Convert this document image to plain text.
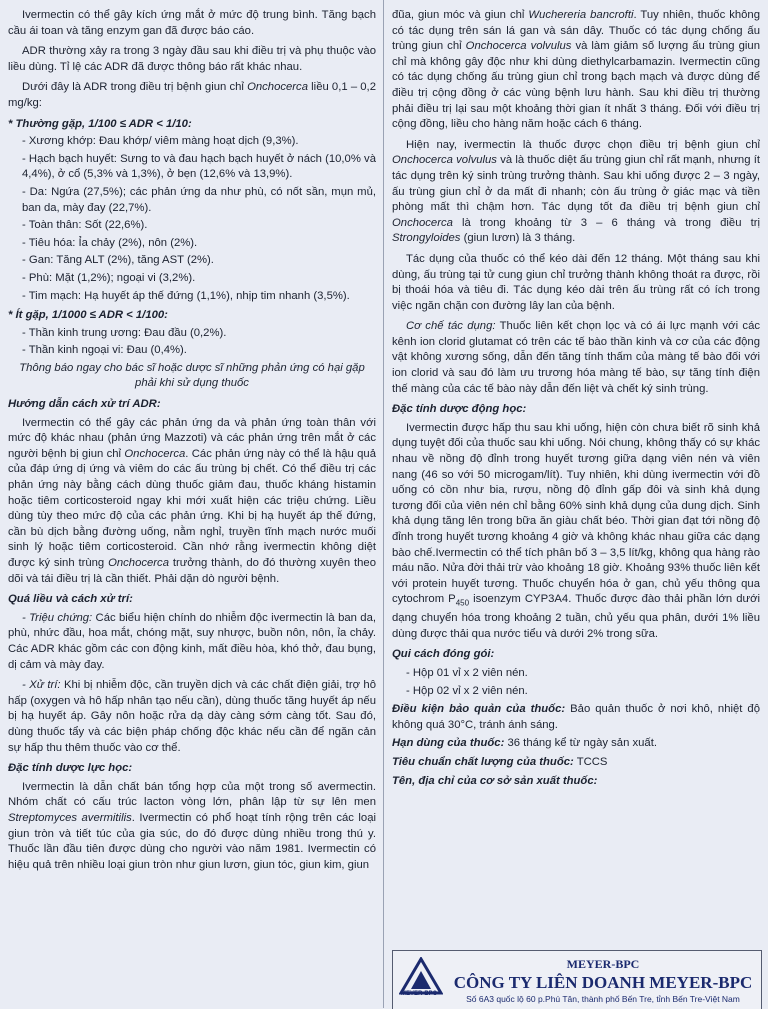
Ivermectin có thể gây kích ứng mắt ở mức độ trung bình. Tăng bạch cầu ái toan và tăng enzym gan đã được báo cáo.

ADR thường xảy ra trong 3 ngày đầu sau khi điều trị và phụ thuộc vào liều dùng. Tỉ lệ các ADR đã được thông báo rất khác nhau.

Dưới đây là ADR trong điều trị bệnh giun chỉ Onchocerca liều 0,1 – 0,2 mg/kg:

* Thường gặp, 1/100 ≤ ADR < 1/10:

- Xương khớp: Đau khớp/ viêm màng hoạt dịch (9,3%).

- Hạch bạch huyết: Sưng to và đau hạch bạch huyết ở nách (10,0% và 4,4%), ở cổ (5,3% và 1,3%), ở bẹn (12,6% và 13,9%).

- Da: Ngứa (27,5%); các phản ứng da như phù, có nốt sần, mụn mủ, ban da, mày đay (22,7%).

- Toàn thân: Sốt (22,6%).

- Tiêu hóa: Ỉa chảy (2%), nôn (2%).

- Gan: Tăng ALT (2%), tăng AST (2%).

- Phù: Mặt (1,2%); ngoại vi (3,2%).

- Tim mạch: Hạ huyết áp thế đứng (1,1%), nhịp tim nhanh (3,5%).

* Ít gặp, 1/1000 ≤ ADR < 1/100:

- Thần kinh trung ương: Đau đầu (0,2%).

- Thần kinh ngoại vi: Đau (0,4%).

Thông báo ngay cho bác sĩ hoặc dược sĩ những phản ứng có hại gặp phải khi sử dụng thuốc

Hướng dẫn cách xử trí ADR:

Ivermectin có thể gây các phản ứng da và phản ứng toàn thân với mức độ khác nhau (phản ứng Mazzoti) và các phản ứng trên mắt ở các người bệnh bị giun chỉ Onchocerca. Các phản ứng này có thể là hậu quả của đáp ứng dị ứng và viêm do các ấu trùng bị chết. Có thể điều trị các phản ứng này bằng cách dùng thuốc giảm đau, thuốc kháng histamin hoặc tiêm corticosteroid ngay khi mới xuất hiện các triệu chứng. Liều dùng tùy theo mức độ của các phản ứng. Khi bị hạ huyết áp thế đứng, cần bù dịch bằng đường uống, nằm nghỉ, truyền tĩnh mạch nước muối sinh lý hoặc tiêm corticosteroid. Cần nhớ rằng ivermectin không diệt được ký sinh trùng Onchocerca trưởng thành, do đó thường xuyên theo dõi và tái điều trị là cần thiết. Phải dặn dò người bệnh.

Quá liều và cách xử trí:

- Triệu chứng: Các biểu hiện chính do nhiễm độc ivermectin là ban da, phù, nhức đầu, hoa mắt, chóng mặt, suy nhược, buồn nôn, nôn, ỉa chảy. Các ADR khác gồm các con động kinh, mất điều hòa, khó thở, đau bụng, dị cảm và mày đay.

- Xử trí: Khi bị nhiễm độc, cần truyền dịch và các chất điện giải, trợ hô hấp (oxygen và hô hấp nhân tạo nếu cần), dùng thuốc tăng huyết áp nếu bị hạ huyết áp. Gây nôn hoặc rửa dạ dày càng sớm càng tốt. Sau đó, dùng thuốc tẩy và các biện pháp chống độc khác nếu cần để ngăn cản sự hấp thu thêm thuốc vào cơ thể.

Đặc tính dược lực học:

Ivermectin là dẫn chất bán tổng hợp của một trong số avermectin. Nhóm chất có cấu trúc lacton vòng lớn, phân lập từ sự lên men Streptomyces avermitilis. Ivermectin có phổ hoạt tính rộng trên các loại giun tròn và tiết túc của gia súc, do đó được dùng nhiều trong thú y. Thuốc lần đầu tiên được dùng cho người vào năm 1981. Ivermectin có hiệu quả trên nhiều loại giun tròn như giun lươn, giun tóc, giun kim, giun

đũa, giun móc và giun chỉ Wuchereria bancrofti. Tuy nhiên, thuốc không có tác dụng trên sán lá gan và sán dây. Thuốc có tác dụng chống ấu trùng giun chỉ Onchocerca volvulus và làm giảm số lượng ấu trùng giun chỉ mà không gây độc như khi dùng diethylcarbamazin. Ivermectin cũng có tác dụng chống ấu trùng giun chỉ trong bạch mạch và được dùng để điều trị cộng đồng ở các vùng bệnh lưu hành. Sau khi điều trị thường phải điều trị lại sau một khoảng thời gian ít nhất 3 tháng. Đối với điều trị cộng đồng, liều cho hàng năm hoặc cách 6 tháng.

Hiện nay, ivermectin là thuốc được chọn điều trị bệnh giun chỉ Onchocerca volvulus và là thuốc diệt ấu trùng giun chỉ rất mạnh, nhưng ít tác dụng trên ký sinh trùng trưởng thành. Sau khi uống được 2 – 3 ngày, ấu trùng giun chỉ ở da mất đi nhanh; còn ấu trùng ở giác mạc và tiền phòng mất thì chậm hơn. Tác dụng tốt đa điều trị bệnh giun chỉ Onchocerca là trong khoảng từ 3 – 6 tháng và trong điều trị Strongyloides (giun lươn) là 3 tháng.

Tác dụng của thuốc có thể kéo dài đến 12 tháng. Một tháng sau khi dùng, ấu trùng tại tử cung giun chỉ trưởng thành không thoát ra được, rồi bị thoái hóa và tiêu đi. Tác dụng kéo dài trên ấu trùng rất có ích trong việc ngăn chặn con đường lây lan của bệnh.

Cơ chế tác dụng: Thuốc liên kết chọn lọc và có ái lực mạnh với các kênh ion clorid glutamat có trên các tế bào thần kinh và cơ của các động vật không xương sống, dẫn đến tăng tính thấm của màng tế bào đối với ion clorid và sau đó làm ưu trương hóa màng tế bào, sự tăng tính điện thế màng của các tế bào này dẫn đến liệt và chết ký sinh trùng.

Đặc tính dược động học:

Ivermectin được hấp thu sau khi uống, hiện còn chưa biết rõ sinh khả dụng tuyệt đối của thuốc sau khi uống. Nói chung, không thấy có sự khác nhau về nồng độ đỉnh trong huyết tương giữa dạng viên nén và viên nang (46 so với 50 microgam/lít). Tuy nhiên, khi dùng ivermectin với đồ uống có cồn như bia, rượu, nồng độ đỉnh gấp đôi và sinh khả dụng tương đối của viên nén chỉ bằng 60% sinh khả dụng của dung dịch. Sinh khả dụng tăng lên trong bữa ăn giàu chất béo. Thời gian đạt tới nồng độ đỉnh trong huyết tương khoảng 4 giờ và không khác nhau giữa các dạng bào chế.Ivermectin có thể tích phân bố 3 – 3,5 lít/kg, không qua hàng rào máu não. Nửa đời thải trừ vào khoảng 18 giờ. Khoảng 93% thuốc liên kết với protein huyết tương. Thuốc chuyển hóa ở gan, chủ yếu thông qua cytochrom $P_{450}$ isoenzym CYP3A4. Thuốc được đào thải phần lớn dưới dạng chuyển hóa trong khoảng 2 tuần, chủ yếu qua phân, dưới 1% liều dùng được thải qua nước tiểu và dưới 2% trong sữa.

Qui cách đóng gói:

- Hộp 01 vỉ x 2 viên nén.

- Hộp 02 vỉ x 2 viên nén.

Điều kiện bảo quản của thuốc: Bảo quản thuốc ở nơi khô, nhiệt độ không quá 30°C, tránh ánh sáng.

Hạn dùng của thuốc: 36 tháng kể từ ngày sản xuất.

Tiêu chuẩn chất lượng của thuốc: TCCS

Tên, địa chỉ của cơ sở sản xuất thuốc:

MEYER-BPC
MEYER-BPC
CÔNG TY LIÊN DOANH MEYER-BPC
Số 6A3 quốc lộ 60 p.Phú Tân, thành phố Bến Tre, tỉnh Bến Tre-Việt Nam
